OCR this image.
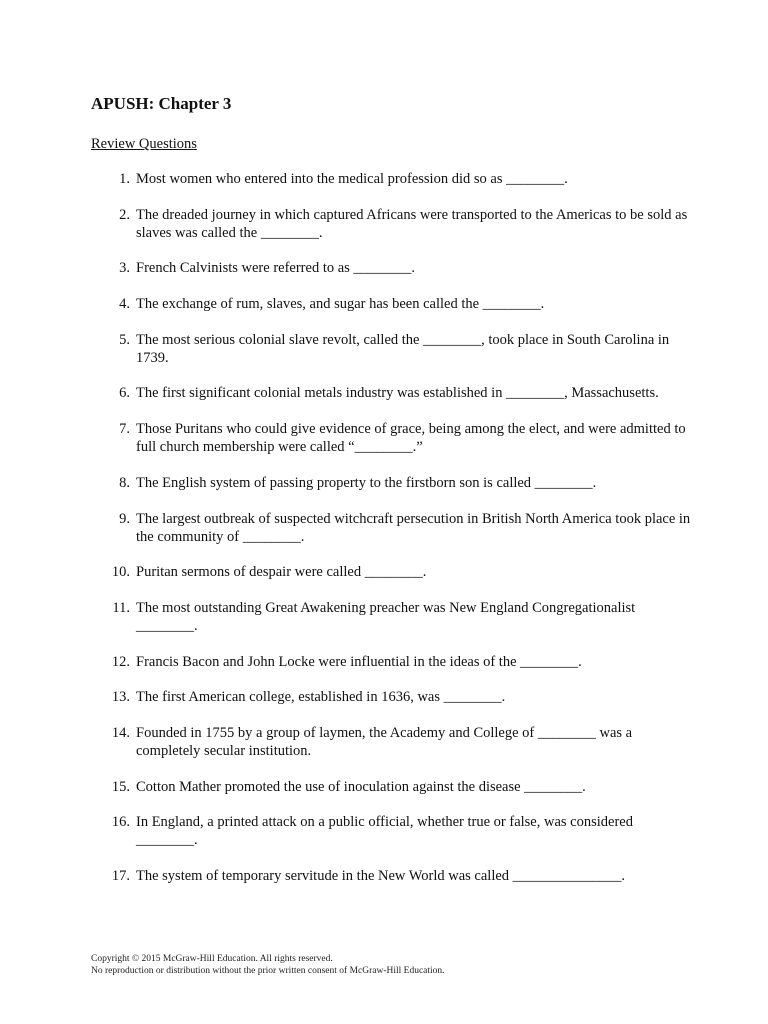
APUSH: Chapter 3
Review Questions
1. Most women who entered into the medical profession did so as ________.
2. The dreaded journey in which captured Africans were transported to the Americas to be sold as slaves was called the ________.
3. French Calvinists were referred to as ________.
4. The exchange of rum, slaves, and sugar has been called the ________.
5. The most serious colonial slave revolt, called the ________, took place in South Carolina in 1739.
6. The first significant colonial metals industry was established in ________, Massachusetts.
7. Those Puritans who could give evidence of grace, being among the elect, and were admitted to full church membership were called “________.”
8. The English system of passing property to the firstborn son is called ________.
9. The largest outbreak of suspected witchcraft persecution in British North America took place in the community of ________.
10. Puritan sermons of despair were called ________.
11. The most outstanding Great Awakening preacher was New England Congregationalist ________.
12. Francis Bacon and John Locke were influential in the ideas of the ________.
13. The first American college, established in 1636, was ________.
14. Founded in 1755 by a group of laymen, the Academy and College of ________ was a completely secular institution.
15. Cotton Mather promoted the use of inoculation against the disease ________.
16. In England, a printed attack on a public official, whether true or false, was considered ________.
17. The system of temporary servitude in the New World was called _______________.
Copyright © 2015 McGraw-Hill Education. All rights reserved.
No reproduction or distribution without the prior written consent of McGraw-Hill Education.
